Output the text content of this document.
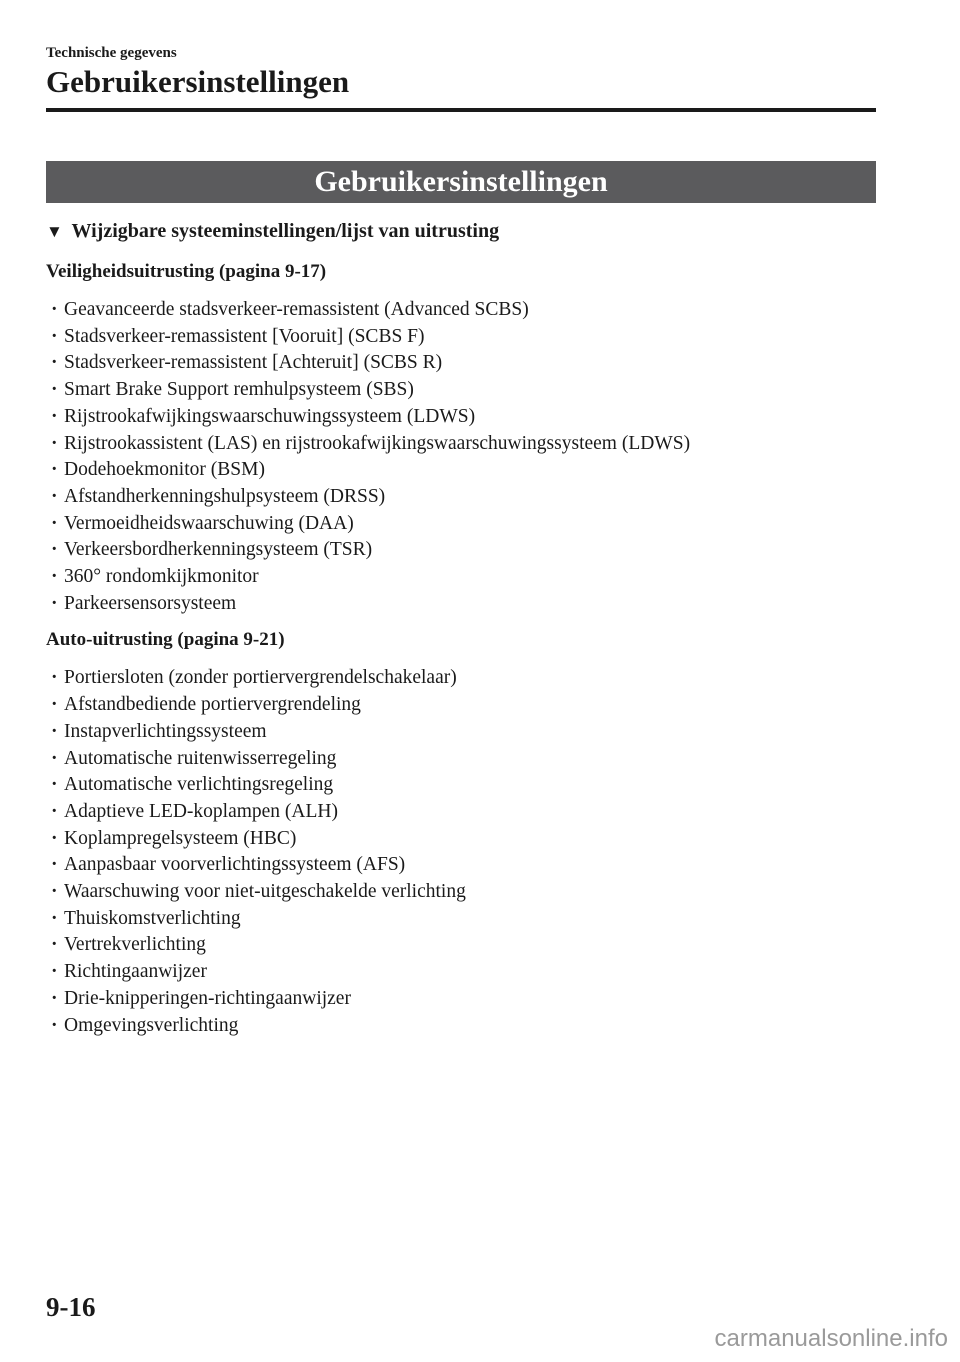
Technische gegevens
Gebruikersinstellingen
Gebruikersinstellingen
▼ Wijzigbare systeeminstellingen/lijst van uitrusting
Veiligheidsuitrusting (pagina 9-17)
· Geavanceerde stadsverkeer-remassistent (Advanced SCBS)
· Stadsverkeer-remassistent [Vooruit] (SCBS F)
· Stadsverkeer-remassistent [Achteruit] (SCBS R)
· Smart Brake Support remhulpsysteem (SBS)
· Rijstrookafwijkingswaarschuwingssysteem (LDWS)
· Rijstrookassistent (LAS) en rijstrookafwijkingswaarschuwingssysteem (LDWS)
· Dodehoekmonitor (BSM)
· Afstandherkenningshulpsysteem (DRSS)
· Vermoeidheidswaarschuwing (DAA)
· Verkeersbordherkenningsysteem (TSR)
· 360° rondomkijkmonitor
· Parkeersensorsysteem
Auto-uitrusting (pagina 9-21)
· Portiersloten (zonder portiervergrendelschakelaar)
· Afstandbediende portiervergrendeling
· Instapverlichtingssysteem
· Automatische ruitenwisserregeling
· Automatische verlichtingsregeling
· Adaptieve LED-koplampen (ALH)
· Koplampregelsysteem (HBC)
· Aanpasbaar voorverlichtingssysteem (AFS)
· Waarschuwing voor niet-uitgeschakelde verlichting
· Thuiskomstverlichting
· Vertrekverlichting
· Richtingaanwijzer
· Drie-knipperingen-richtingaanwijzer
· Omgevingsverlichting
9-16
carmanualsonline.info
